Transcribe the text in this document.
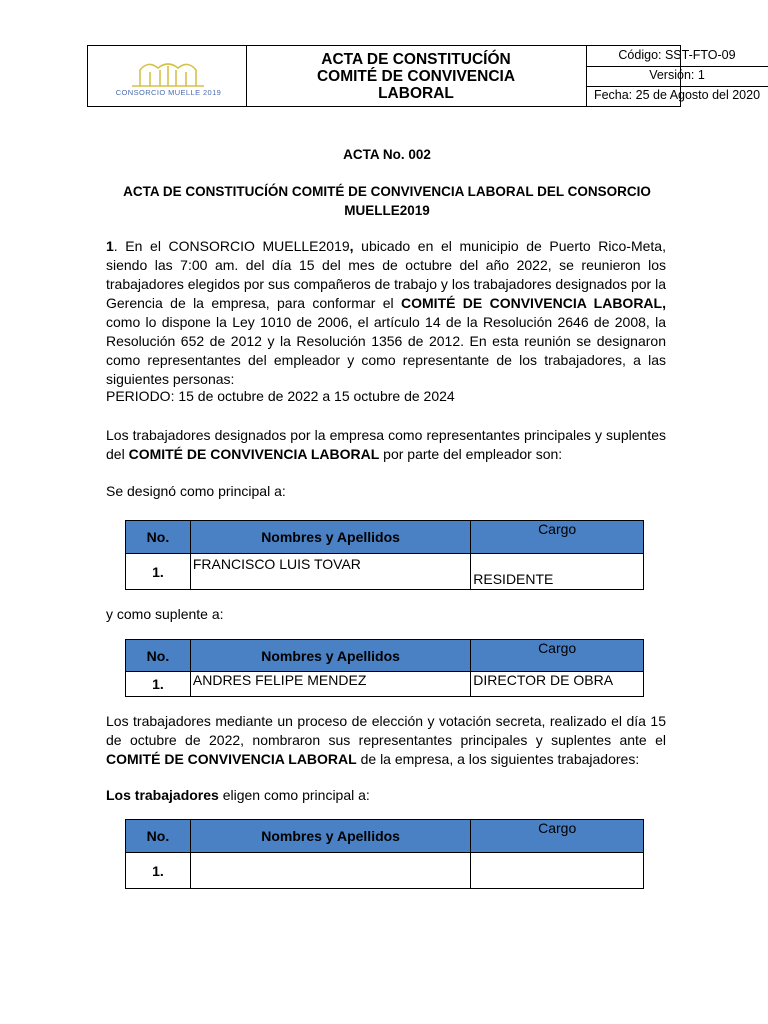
CONSORCIO MUELLE 2019
ACTA DE CONSTITUCÍÓN
COMITÉ DE CONVIVENCIA
LABORAL
Código: SST-FTO-09
Versión: 1
Fecha: 25 de Agosto del 2020
ACTA No. 002
ACTA DE CONSTITUCÍÓN COMITÉ DE CONVIVENCIA LABORAL DEL CONSORCIO
MUELLE2019
1. En el CONSORCIO MUELLE2019, ubicado en el municipio de Puerto Rico-Meta, siendo las 7:00 am. del día 15 del mes de octubre del año 2022, se reunieron los trabajadores elegidos por sus compañeros de trabajo y los trabajadores designados por la Gerencia de la empresa, para conformar el COMITÉ DE CONVIVENCIA LABORAL, como lo dispone la Ley 1010 de 2006, el artículo 14 de la Resolución 2646 de 2008, la Resolución 652 de 2012 y la Resolución 1356 de 2012. En esta reunión se designaron como representantes del empleador y como representante de los trabajadores, a las siguientes personas:
PERIODO: 15 de octubre de 2022 a 15 octubre de 2024
Los trabajadores designados por la empresa como representantes principales y suplentes del COMITÉ DE CONVIVENCIA LABORAL por parte del empleador son:
Se designó como principal a:
No.	Nombres y Apellidos	Cargo
1.	FRANCISCO LUIS TOVAR	RESIDENTE
y como suplente a:
No.	Nombres y Apellidos	Cargo
1.	ANDRES FELIPE MENDEZ	DIRECTOR DE OBRA
Los trabajadores mediante un proceso de elección y votación secreta, realizado el día 15 de octubre de 2022, nombraron sus representantes principales y suplentes ante el COMITÉ DE CONVIVENCIA LABORAL de la empresa, a los siguientes trabajadores:
Los trabajadores eligen como principal a:
No.	Nombres y Apellidos	Cargo
1.		
